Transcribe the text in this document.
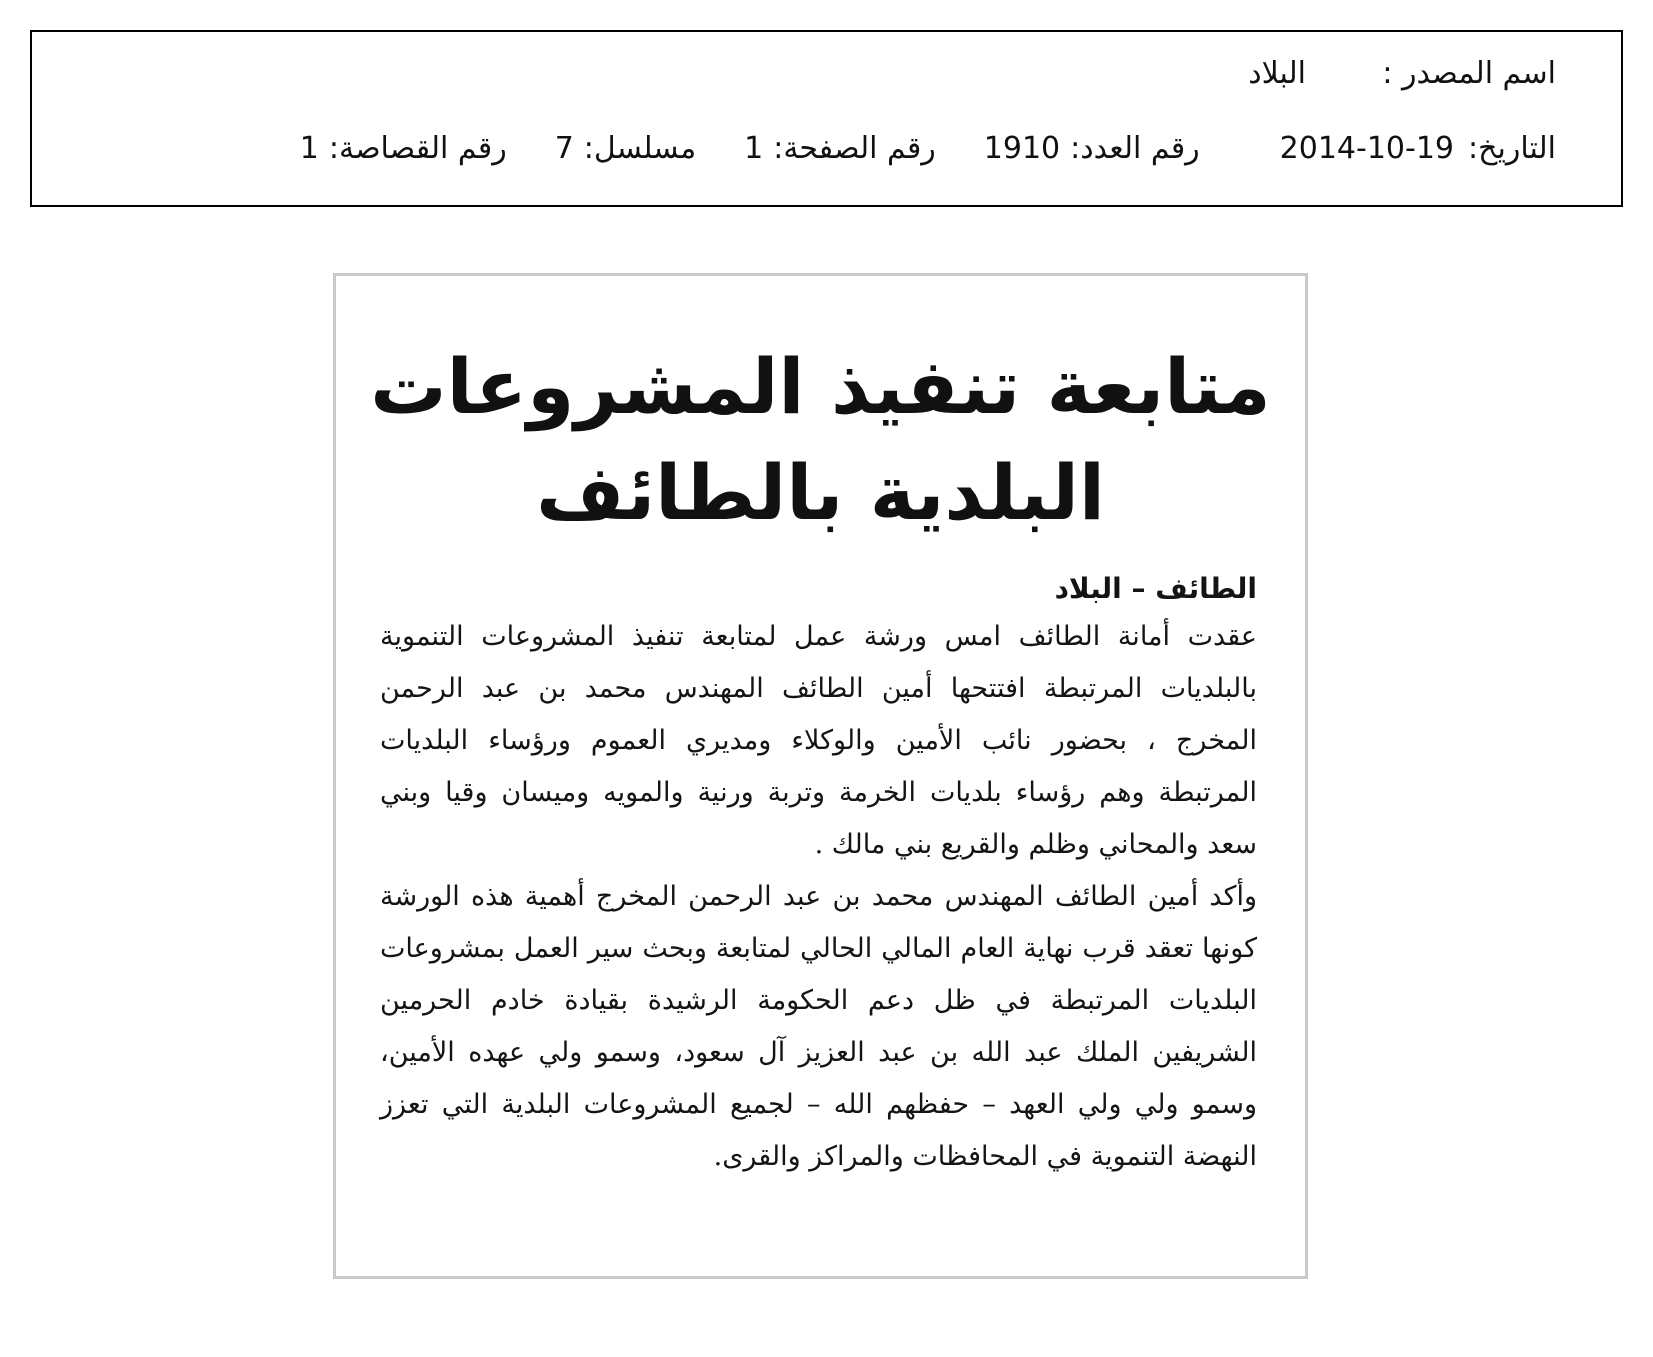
اسم المصدر :البلاد
التاريخ:2014-10-19رقم العدد:1910رقم الصفحة:1مسلسل:7رقم القصاصة:1
متابعة تنفيذ المشروعات
البلدية بالطائف
الطائف – البلاد

عقدت أمانة الطائف امس ورشة عمل لمتابعة تنفيذ المشروعات التنموية بالبلديات المرتبطة افتتحها أمين الطائف المهندس محمد بن عبد الرحمن المخرج ، بحضور نائب الأمين والوكلاء ومديري العموم ورؤساء البلديات المرتبطة وهم رؤساء بلديات الخرمة وتربة ورنية والمويه وميسان وقيا وبني سعد والمحاني وظلم والقريع بني مالك .

وأكد أمين الطائف المهندس محمد بن عبد الرحمن المخرج أهمية هذه الورشة كونها تعقد قرب نهاية العام المالي الحالي لمتابعة وبحث سير العمل بمشروعات البلديات المرتبطة في ظل دعم الحكومة الرشيدة بقيادة خادم الحرمين الشريفين الملك عبد الله بن عبد العزيز آل سعود، وسمو ولي عهده الأمين، وسمو ولي ولي العهد – حفظهم الله – لجميع المشروعات البلدية التي تعزز النهضة التنموية في المحافظات والمراكز والقرى.
